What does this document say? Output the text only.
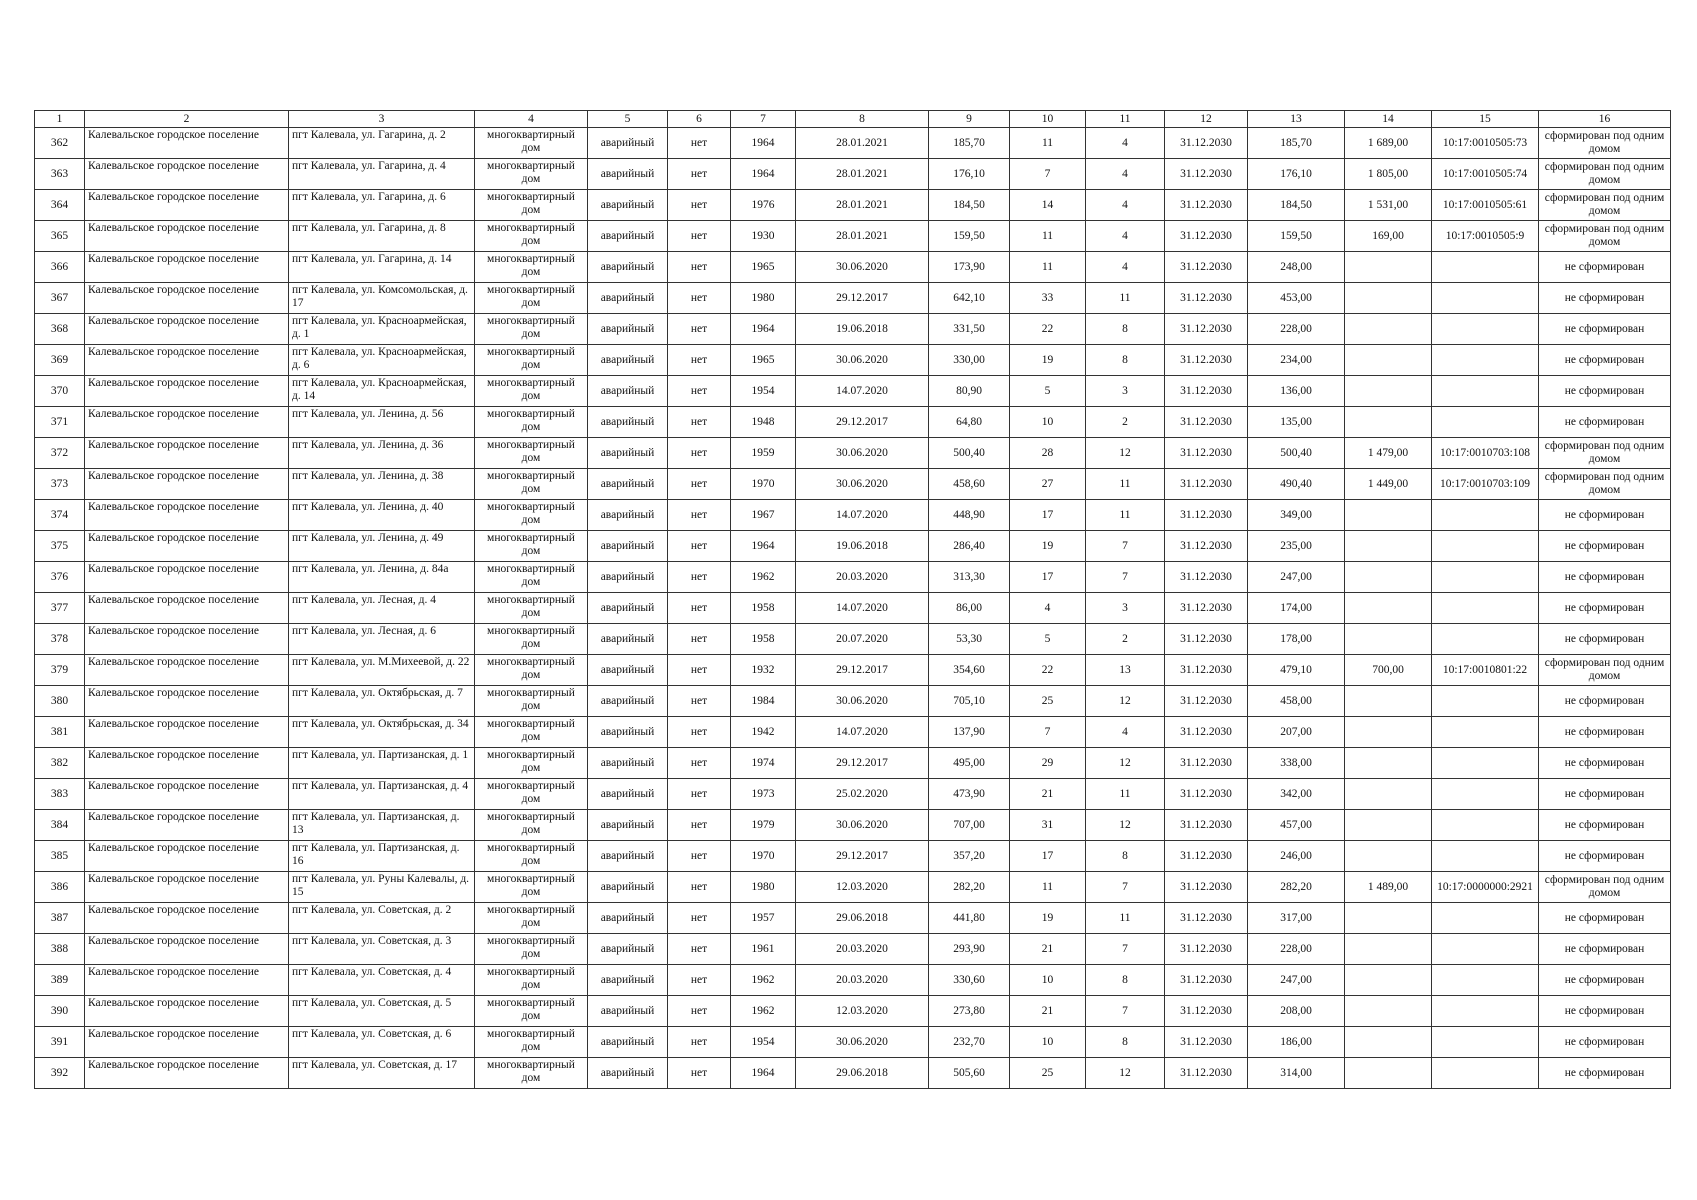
1	2	3	4	5	6	7	8	9	10	11	12	13	14	15	16
362	Калевальское городское поселение	пгт Калевала, ул. Гагарина, д. 2	многоквартирный дом	аварийный	нет	1964	28.01.2021	185,70	11	4	31.12.2030	185,70	1 689,00	10:17:0010505:73	сформирован под одним домом
363	Калевальское городское поселение	пгт Калевала, ул. Гагарина, д. 4	многоквартирный дом	аварийный	нет	1964	28.01.2021	176,10	7	4	31.12.2030	176,10	1 805,00	10:17:0010505:74	сформирован под одним домом
364	Калевальское городское поселение	пгт Калевала, ул. Гагарина, д. 6	многоквартирный дом	аварийный	нет	1976	28.01.2021	184,50	14	4	31.12.2030	184,50	1 531,00	10:17:0010505:61	сформирован под одним домом
365	Калевальское городское поселение	пгт Калевала, ул. Гагарина, д. 8	многоквартирный дом	аварийный	нет	1930	28.01.2021	159,50	11	4	31.12.2030	159,50	169,00	10:17:0010505:9	сформирован под одним домом
366	Калевальское городское поселение	пгт Калевала, ул. Гагарина, д. 14	многоквартирный дом	аварийный	нет	1965	30.06.2020	173,90	11	4	31.12.2030	248,00			не сформирован
367	Калевальское городское поселение	пгт Калевала, ул. Комсомольская, д. 17	многоквартирный дом	аварийный	нет	1980	29.12.2017	642,10	33	11	31.12.2030	453,00			не сформирован
368	Калевальское городское поселение	пгт Калевала, ул. Красноармейская, д. 1	многоквартирный дом	аварийный	нет	1964	19.06.2018	331,50	22	8	31.12.2030	228,00			не сформирован
369	Калевальское городское поселение	пгт Калевала, ул. Красноармейская, д. 6	многоквартирный дом	аварийный	нет	1965	30.06.2020	330,00	19	8	31.12.2030	234,00			не сформирован
370	Калевальское городское поселение	пгт Калевала, ул. Красноармейская, д. 14	многоквартирный дом	аварийный	нет	1954	14.07.2020	80,90	5	3	31.12.2030	136,00			не сформирован
371	Калевальское городское поселение	пгт Калевала, ул. Ленина, д. 56	многоквартирный дом	аварийный	нет	1948	29.12.2017	64,80	10	2	31.12.2030	135,00			не сформирован
372	Калевальское городское поселение	пгт Калевала, ул. Ленина, д. 36	многоквартирный дом	аварийный	нет	1959	30.06.2020	500,40	28	12	31.12.2030	500,40	1 479,00	10:17:0010703:108	сформирован под одним домом
373	Калевальское городское поселение	пгт Калевала, ул. Ленина, д. 38	многоквартирный дом	аварийный	нет	1970	30.06.2020	458,60	27	11	31.12.2030	490,40	1 449,00	10:17:0010703:109	сформирован под одним домом
374	Калевальское городское поселение	пгт Калевала, ул. Ленина, д. 40	многоквартирный дом	аварийный	нет	1967	14.07.2020	448,90	17	11	31.12.2030	349,00			не сформирован
375	Калевальское городское поселение	пгт Калевала, ул. Ленина, д. 49	многоквартирный дом	аварийный	нет	1964	19.06.2018	286,40	19	7	31.12.2030	235,00			не сформирован
376	Калевальское городское поселение	пгт Калевала, ул. Ленина, д. 84а	многоквартирный дом	аварийный	нет	1962	20.03.2020	313,30	17	7	31.12.2030	247,00			не сформирован
377	Калевальское городское поселение	пгт Калевала, ул. Лесная, д. 4	многоквартирный дом	аварийный	нет	1958	14.07.2020	86,00	4	3	31.12.2030	174,00			не сформирован
378	Калевальское городское поселение	пгт Калевала, ул. Лесная, д. 6	многоквартирный дом	аварийный	нет	1958	20.07.2020	53,30	5	2	31.12.2030	178,00			не сформирован
379	Калевальское городское поселение	пгт Калевала, ул. М.Михеевой, д. 22	многоквартирный дом	аварийный	нет	1932	29.12.2017	354,60	22	13	31.12.2030	479,10	700,00	10:17:0010801:22	сформирован под одним домом
380	Калевальское городское поселение	пгт Калевала, ул. Октябрьская, д. 7	многоквартирный дом	аварийный	нет	1984	30.06.2020	705,10	25	12	31.12.2030	458,00			не сформирован
381	Калевальское городское поселение	пгт Калевала, ул. Октябрьская, д. 34	многоквартирный дом	аварийный	нет	1942	14.07.2020	137,90	7	4	31.12.2030	207,00			не сформирован
382	Калевальское городское поселение	пгт Калевала, ул. Партизанская, д. 1	многоквартирный дом	аварийный	нет	1974	29.12.2017	495,00	29	12	31.12.2030	338,00			не сформирован
383	Калевальское городское поселение	пгт Калевала, ул. Партизанская, д. 4	многоквартирный дом	аварийный	нет	1973	25.02.2020	473,90	21	11	31.12.2030	342,00			не сформирован
384	Калевальское городское поселение	пгт Калевала, ул. Партизанская, д. 13	многоквартирный дом	аварийный	нет	1979	30.06.2020	707,00	31	12	31.12.2030	457,00			не сформирован
385	Калевальское городское поселение	пгт Калевала, ул. Партизанская, д. 16	многоквартирный дом	аварийный	нет	1970	29.12.2017	357,20	17	8	31.12.2030	246,00			не сформирован
386	Калевальское городское поселение	пгт Калевала, ул. Руны Калевалы, д. 15	многоквартирный дом	аварийный	нет	1980	12.03.2020	282,20	11	7	31.12.2030	282,20	1 489,00	10:17:0000000:2921	сформирован под одним домом
387	Калевальское городское поселение	пгт Калевала, ул. Советская, д. 2	многоквартирный дом	аварийный	нет	1957	29.06.2018	441,80	19	11	31.12.2030	317,00			не сформирован
388	Калевальское городское поселение	пгт Калевала, ул. Советская, д. 3	многоквартирный дом	аварийный	нет	1961	20.03.2020	293,90	21	7	31.12.2030	228,00			не сформирован
389	Калевальское городское поселение	пгт Калевала, ул. Советская, д. 4	многоквартирный дом	аварийный	нет	1962	20.03.2020	330,60	10	8	31.12.2030	247,00			не сформирован
390	Калевальское городское поселение	пгт Калевала, ул. Советская, д. 5	многоквартирный дом	аварийный	нет	1962	12.03.2020	273,80	21	7	31.12.2030	208,00			не сформирован
391	Калевальское городское поселение	пгт Калевала, ул. Советская, д. 6	многоквартирный дом	аварийный	нет	1954	30.06.2020	232,70	10	8	31.12.2030	186,00			не сформирован
392	Калевальское городское поселение	пгт Калевала, ул. Советская, д. 17	многоквартирный дом	аварийный	нет	1964	29.06.2018	505,60	25	12	31.12.2030	314,00			не сформирован
